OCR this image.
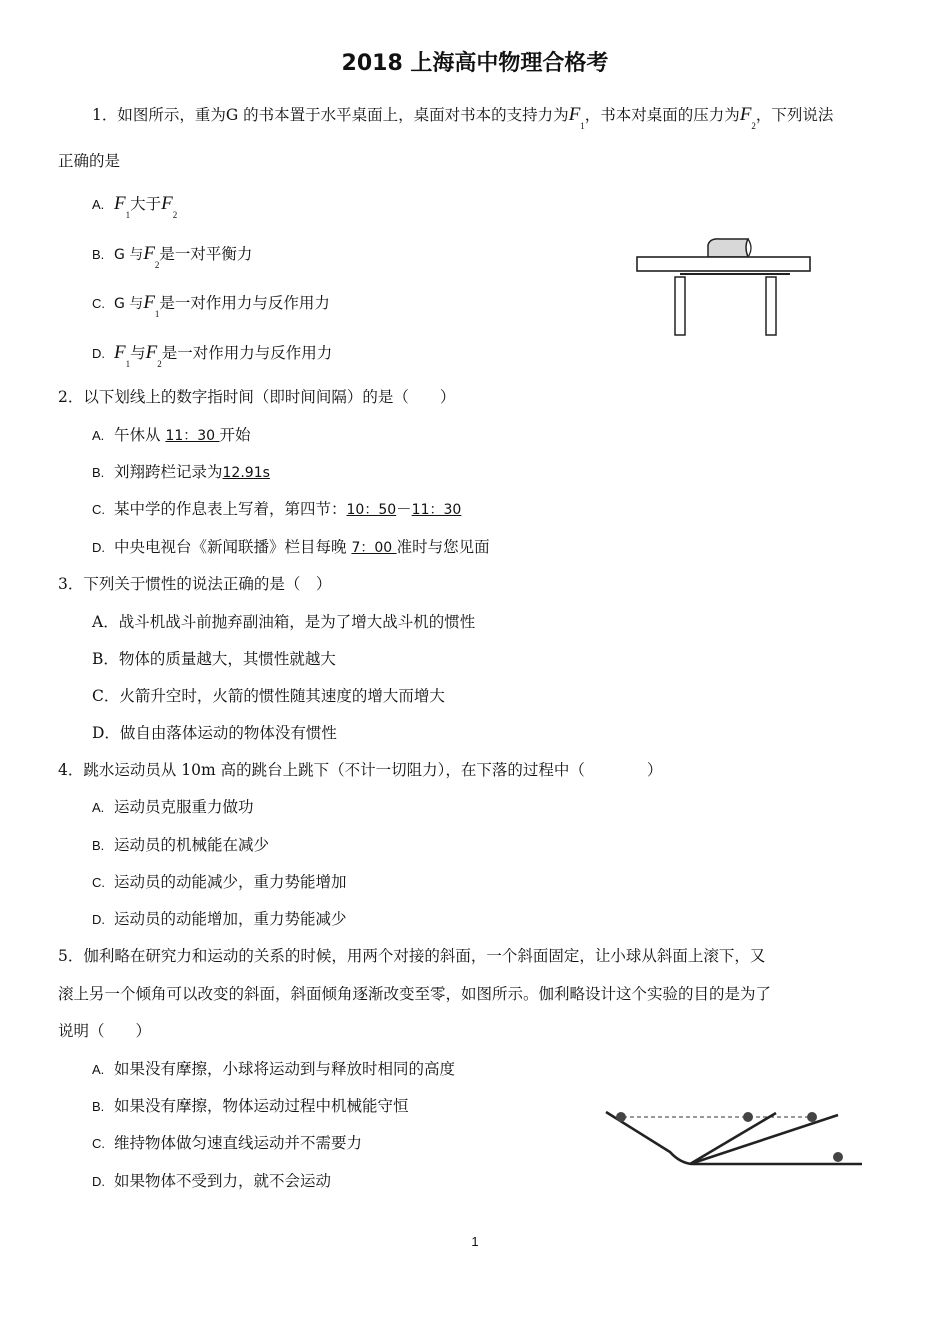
2018 上海高中物理合格考
1．如图所示，重为G 的书本置于水平桌面上，桌面对书本的支持力为$F_1$，书本对桌面的压力为$F_2$，下列说法
正确的是
A. $F_1$大于$F_2$
B. G 与$F_2$是一对平衡力
C. G 与$F_1$是一对作用力与反作用力
D. $F_1$与$F_2$是一对作用力与反作用力
2．以下划线上的数字指时间（即时间间隔）的是（　　）
A. 午休从 11：30 开始
B. 刘翔跨栏记录为12.91s
C. 某中学的作息表上写着，第四节：10：50－11：30
D. 中央电视台《新闻联播》栏目每晚 7：00 准时与您见面
3．下列关于惯性的说法正确的是（　）
A．战斗机战斗前抛弃副油箱，是为了增大战斗机的惯性
B．物体的质量越大，其惯性就越大
C．火箭升空时，火箭的惯性随其速度的增大而增大
D．做自由落体运动的物体没有惯性
4．跳水运动员从 10m 高的跳台上跳下（不计一切阻力），在下落的过程中（　　　　）
A. 运动员克服重力做功
B. 运动员的机械能在减少
C. 运动员的动能减少，重力势能增加
D. 运动员的动能增加，重力势能减少
5．伽利略在研究力和运动的关系的时候，用两个对接的斜面，一个斜面固定，让小球从斜面上滚下，又
滚上另一个倾角可以改变的斜面，斜面倾角逐渐改变至零，如图所示。伽利略设计这个实验的目的是为了
说明（　　）
A. 如果没有摩擦，小球将运动到与释放时相同的高度
B. 如果没有摩擦，物体运动过程中机械能守恒
C. 维持物体做匀速直线运动并不需要力
D. 如果物体不受到力，就不会运动
1
